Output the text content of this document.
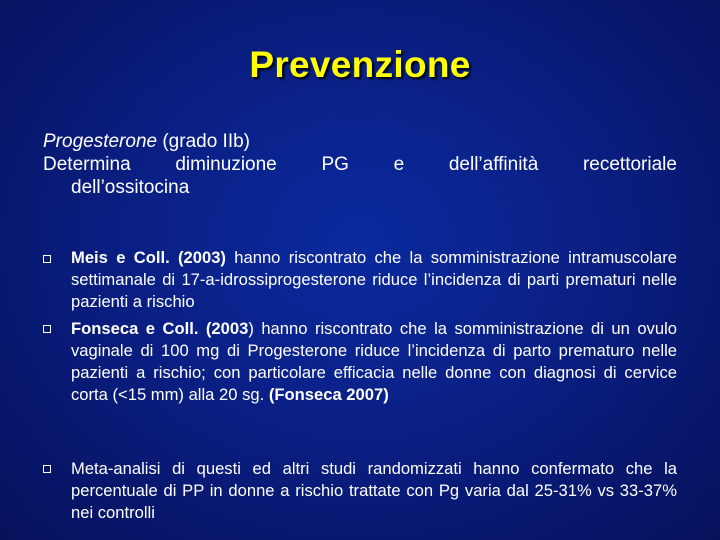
Prevenzione
Progesterone (grado IIb)
Determina diminuzione PG e dell’affinità recettoriale
dell’ossitocina
Meis e Coll. (2003) hanno riscontrato che la somministrazione intramuscolare settimanale di 17-a-idrossiprogesterone riduce l’incidenza di parti prematuri nelle pazienti a rischio
Fonseca e Coll. (2003) hanno riscontrato che la somministrazione di un ovulo vaginale di 100 mg di Progesterone riduce l’incidenza di parto prematuro nelle pazienti a rischio; con particolare efficacia nelle donne con diagnosi di cervice corta (<15 mm) alla 20 sg. (Fonseca 2007)
Meta-analisi di questi ed altri studi randomizzati hanno confermato che la percentuale di PP in donne a rischio trattate con Pg varia dal 25-31% vs 33-37% nei controlli
